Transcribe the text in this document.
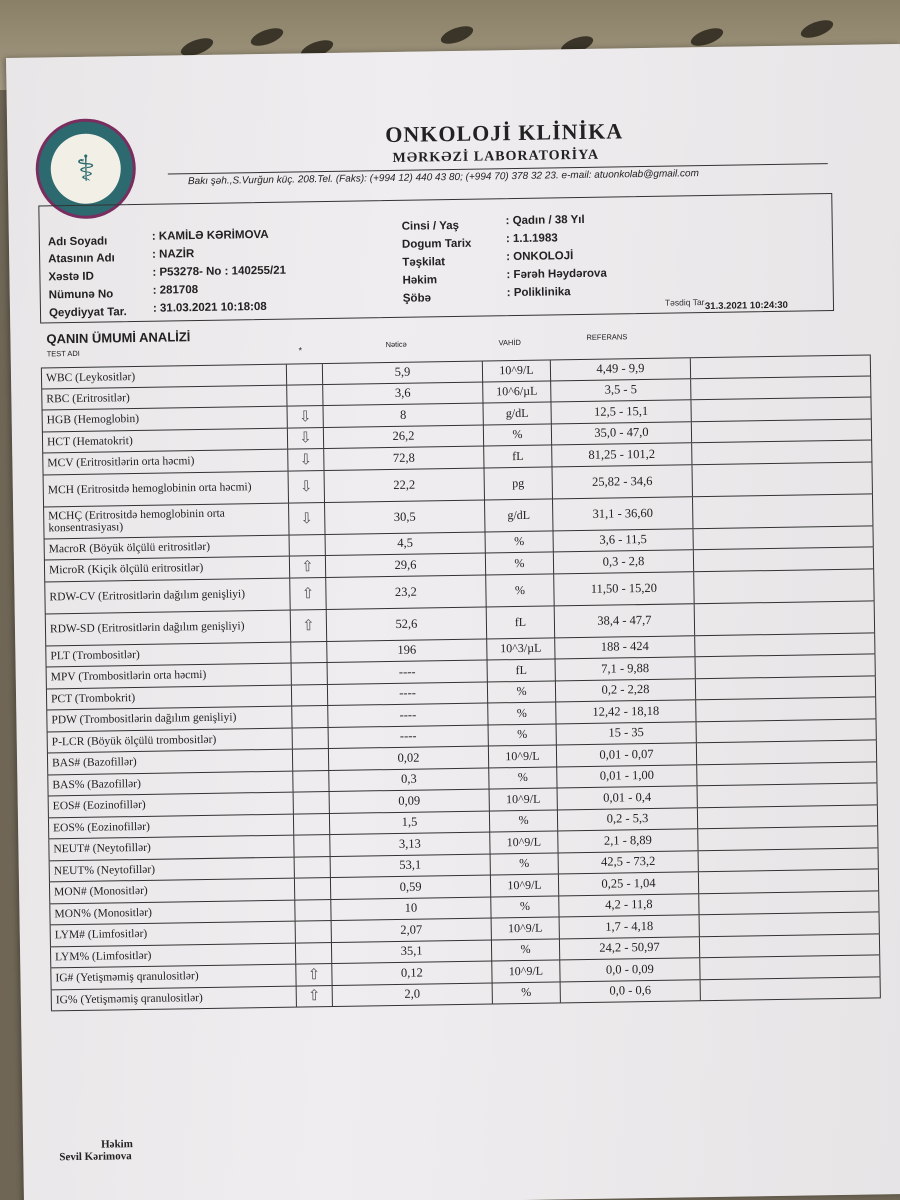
⚕
ONKOLOJİ KLİNİKA
MƏRKƏZİ LABORATORİYA
Bakı şəh.,S.Vurğun küç. 208.Tel. (Faks): (+994 12) 440 43 80; (+994 70) 378 32 23. e-mail: atuonkolab@gmail.com
Adı Soyadı	: KAMİLƏ KƏRİMOVA
Atasının Adı	: NAZİR
Xəstə ID	: P53278- No : 140255/21
Nümunə No	: 281708
Qeydiyyat Tar. : 31.03.2021 10:18:08
Cinsi / Yaş	: Qadın / 38 Yıl
Dogum Tarix	: 1.1.1983
Təşkilat	: ONKOLOJİ
Həkim	: Fərəh Həydərova
Şöbə	: Poliklinika
Təsdiq Tar.
31.3.2021 10:24:30
QANIN ÜMUMİ ANALİZİ
TEST ADI	*
Nəticə	VAHİD
REFERANS
WBC (Leykositlər)	5,9	10^9/L	4,49 - 9,9
RBC (Eritrositlər)	3,6	10^6/µL	3,5 - 5
HGB (Hemoglobin)	⇩	8	g/dL	12,5 - 15,1
HCT (Hematokrit)	⇩	26,2	%	35,0 - 47,0
MCV (Eritrositlərin orta həcmi)	⇩	72,8	fL	81,25 - 101,2
MCH (Eritrositdə hemoglobinin orta həcmi)	⇩	22,2	pg	25,82 - 34,6
MCHÇ (Eritrositdə hemoglobinin orta konsentrasiyası)
⇩	30,5	g/dL	31,1 - 36,60
MacroR (Böyük ölçülü eritrositlər)	4,5	%	3,6 - 11,5
MicroR (Kiçik ölçülü eritrositlər)	⇧	29,6	%	0,3 - 2,8
RDW-CV (Eritrositlərin dağılım genişliyi)	⇧	23,2	%	11,50 - 15,20
RDW-SD (Eritrositlərin dağılım genişliyi)	⇧	52,6	fL	38,4 - 47,7
PLT (Trombositlər)	196	10^3/µL	188 - 424
MPV (Trombositlərin orta həcmi)	----	fL	7,1 - 9,88
PCT (Trombokrit)	----	%	0,2 - 2,28
PDW (Trombositlərin dağılım genişliyi)	----	%	12,42 - 18,18
P-LCR (Böyük ölçülü trombositlər)	----	%	15 - 35
BAS# (Bazofillər)	0,02	10^9/L	0,01 - 0,07
BAS% (Bazofillər)	0,3	%	0,01 - 1,00
EOS# (Eozinofillər)	0,09	10^9/L	0,01 - 0,4
EOS% (Eozinofillər)	1,5	%	0,2 - 5,3
NEUT# (Neytofillər)	3,13	10^9/L	2,1 - 8,89
NEUT% (Neytofillər)	53,1	%	42,5 - 73,2
MON# (Monositlər)	0,59	10^9/L	0,25 - 1,04
MON% (Monositlər)	10	%	4,2 - 11,8
LYM# (Limfositlər)	2,07	10^9/L	1,7 - 4,18
LYM% (Limfositlər)	35,1	%	24,2 - 50,97
IG# (Yetişməmiş qranulositlər)	⇧	0,12	10^9/L	0,0 - 0,09
IG% (Yetişməmiş qranulositlər)	⇧	2,0	%	0,0 - 0,6
Həkim
Sevil Kərimova
